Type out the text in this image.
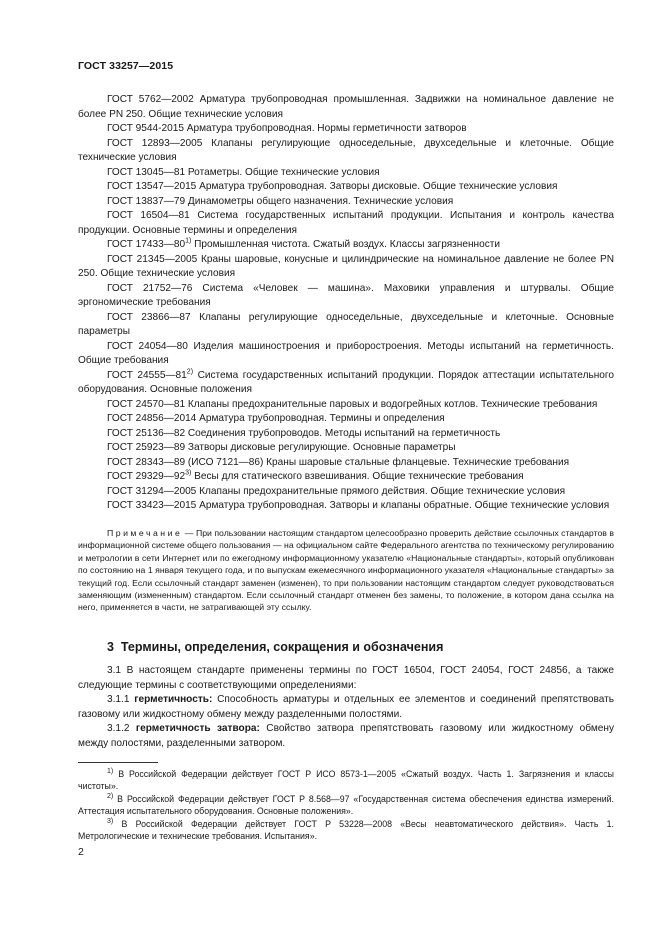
ГОСТ 33257—2015

ГОСТ 5762—2002 Арматура трубопроводная промышленная. Задвижки на номинальное давление не более PN 250. Общие технические условия

ГОСТ 9544-2015 Арматура трубопроводная. Нормы герметичности затворов

ГОСТ 12893—2005 Клапаны регулирующие односедельные, двухседельные и клеточные. Общие технические условия

ГОСТ 13045—81 Ротаметры. Общие технические условия

ГОСТ 13547—2015 Арматура трубопроводная. Затворы дисковые. Общие технические условия

ГОСТ 13837—79 Динамометры общего назначения. Технические условия

ГОСТ 16504—81 Система государственных испытаний продукции. Испытания и контроль качества продукции. Основные термины и определения

ГОСТ 17433—80$^{1)}$ Промышленная чистота. Сжатый воздух. Классы загрязненности

ГОСТ 21345—2005 Краны шаровые, конусные и цилиндрические на номинальное давление не более PN 250. Общие технические условия

ГОСТ 21752—76 Система «Человек — машина». Маховики управления и штурвалы. Общие эргономические требования

ГОСТ 23866—87 Клапаны регулирующие односедельные, двухседельные и клеточные. Основные параметры

ГОСТ 24054—80 Изделия машиностроения и приборостроения. Методы испытаний на герметичность. Общие требования

ГОСТ 24555—81$^{2)}$ Система государственных испытаний продукции. Порядок аттестации испытательного оборудования. Основные положения

ГОСТ 24570—81 Клапаны предохранительные паровых и водогрейных котлов. Технические требования

ГОСТ 24856—2014 Арматура трубопроводная. Термины и определения

ГОСТ 25136—82 Соединения трубопроводов. Методы испытаний на герметичность

ГОСТ 25923—89 Затворы дисковые регулирующие. Основные параметры

ГОСТ 28343—89 (ИСО 7121—86) Краны шаровые стальные фланцевые. Технические требования

ГОСТ 29329—92$^{3)}$ Весы для статического взвешивания. Общие технические требования

ГОСТ 31294—2005 Клапаны предохранительные прямого действия. Общие технические условия

ГОСТ 33423—2015 Арматура трубопроводная. Затворы и клапаны обратные. Общие технические условия

Примечание — При пользовании настоящим стандартом целесообразно проверить действие ссылочных стандартов в информационной системе общего пользования — на официальном сайте Федерального агентства по техническому регулированию и метрологии в сети Интернет или по ежегодному информационному указателю «Национальные стандарты», который опубликован по состоянию на 1 января текущего года, и по выпускам ежемесячного информационного указателя «Национальные стандарты» за текущий год. Если ссылочный стандарт заменен (изменен), то при пользовании настоящим стандартом следует руководствоваться заменяющим (измененным) стандартом. Если ссылочный стандарт отменен без замены, то положение, в котором дана ссылка на него, применяется в части, не затрагивающей эту ссылку.

3 Термины, определения, сокращения и обозначения

3.1 В настоящем стандарте применены термины по ГОСТ 16504, ГОСТ 24054, ГОСТ 24856, а также следующие термины с соответствующими определениями:

3.1.1 герметичность: Способность арматуры и отдельных ее элементов и соединений препятствовать газовому или жидкостному обмену между разделенными полостями.

3.1.2 герметичность затвора: Свойство затвора препятствовать газовому или жидкостному обмену между полостями, разделенными затвором.

$^{1)}$ В Российской Федерации действует ГОСТ Р ИСО 8573-1—2005 «Сжатый воздух. Часть 1. Загрязнения и классы чистоты».

$^{2)}$ В Российской Федерации действует ГОСТ Р 8.568—97 «Государственная система обеспечения единства измерений. Аттестация испытательного оборудования. Основные положения».

$^{3)}$ В Российской Федерации действует ГОСТ Р 53228—2008 «Весы неавтоматического действия». Часть 1. Метрологические и технические требования. Испытания».

2
